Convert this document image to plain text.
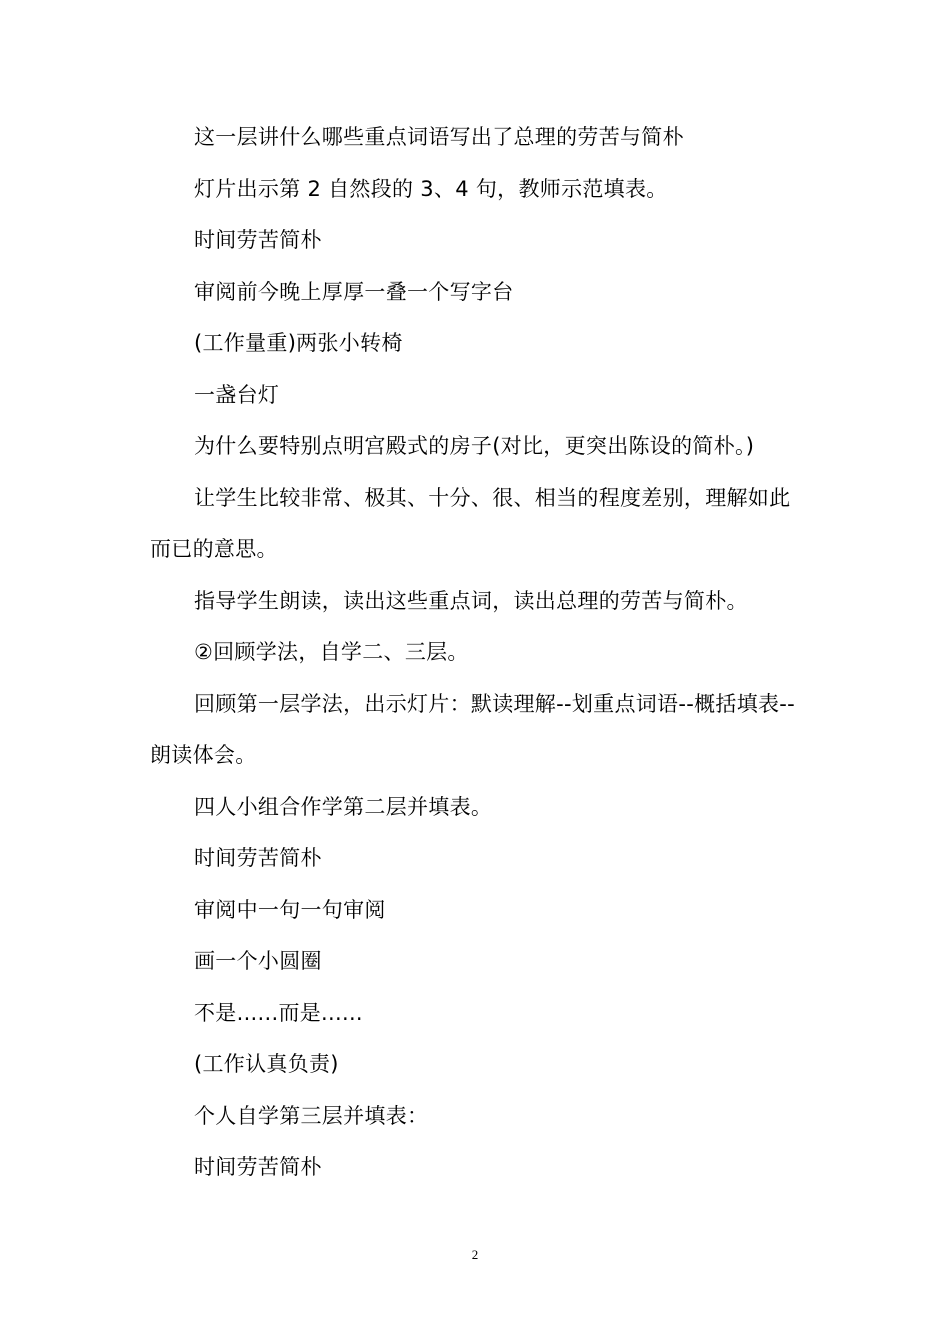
这一层讲什么哪些重点词语写出了总理的劳苦与简朴

灯片出示第 2 自然段的 3、4 句，教师示范填表。

时间劳苦简朴

审阅前今晚上厚厚一叠一个写字台

(工作量重)两张小转椅

一盏台灯

为什么要特别点明宫殿式的房子(对比，更突出陈设的简朴。)

让学生比较非常、极其、十分、很、相当的程度差别，理解如此而已的意思。

指导学生朗读，读出这些重点词，读出总理的劳苦与简朴。

②回顾学法，自学二、三层。

回顾第一层学法，出示灯片：默读理解--划重点词语--概括填表--朗读体会。

四人小组合作学第二层并填表。

时间劳苦简朴

审阅中一句一句审阅

画一个小圆圈

不是......而是......

(工作认真负责)

个人自学第三层并填表：

时间劳苦简朴

2
